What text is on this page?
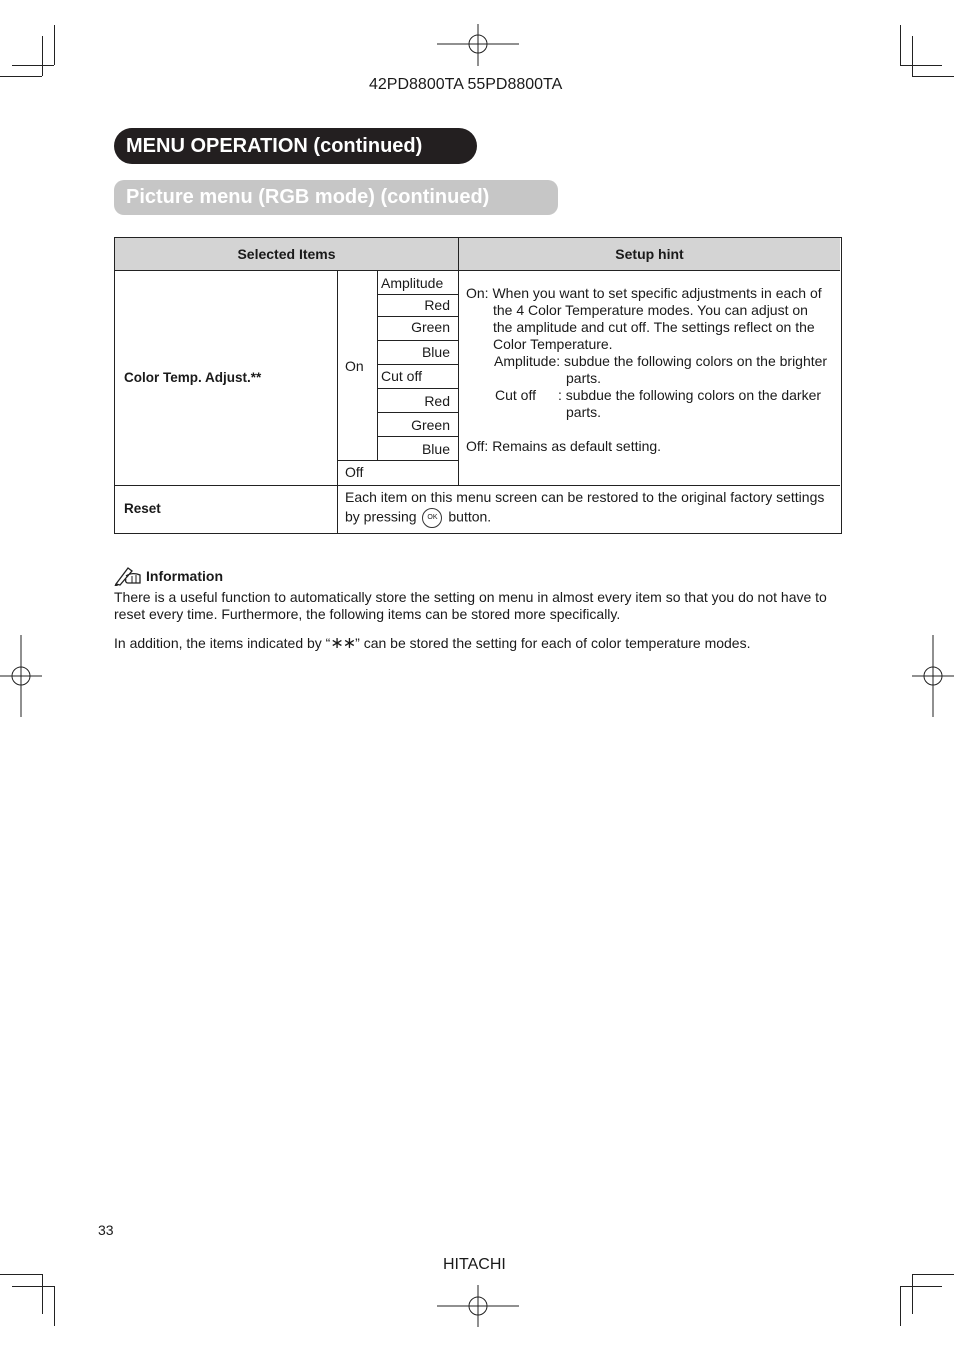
42PD8800TA 55PD8800TA
MENU OPERATION (continued)
Picture menu (RGB mode) (continued)
Selected Items	Setup hint
Color Temp. Adjust.**
On
Off
Amplitude
Red
Green
Blue
Cut off
Red
Green
Blue
On: When you want to set specific adjustments in each of
the 4 Color Temperature modes. You can adjust on
the amplitude and cut off. The settings reflect on the
Color Temperature.
Amplitude: subdue the following colors on the brighter
parts.
Cut off : subdue the following colors on the darker
parts.
Off: Remains as default setting.
Reset
Each item on this menu screen can be restored to the original factory settings
by pressing OK button.
Information
There is a useful function to automatically store the setting on menu in almost every item so that you do not have to
reset every time. Furthermore, the following items can be stored more specifically.
In addition, the items indicated by “∗∗” can be stored the setting for each of color temperature modes.
33
HITACHI
